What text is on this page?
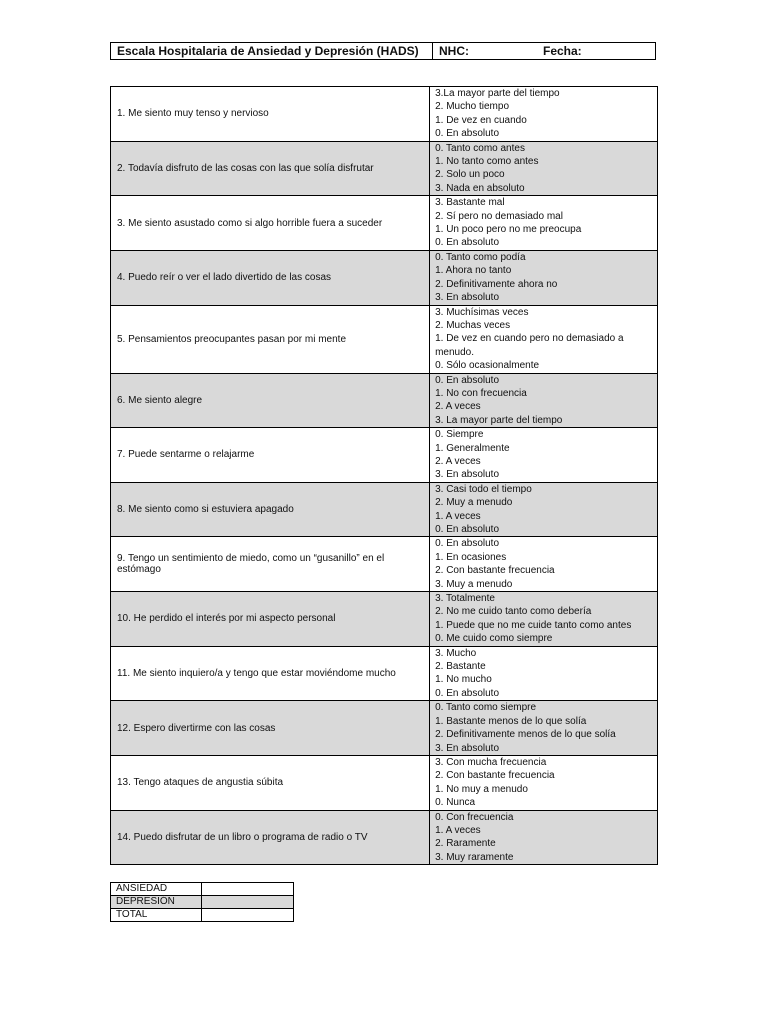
Escala Hospitalaria de Ansiedad y Depresión (HADS)	NHC:	Fecha:
1. Me siento muy tenso y nervioso	3.La mayor parte del tiempo
2. Mucho tiempo
1. De vez en cuando
0. En absoluto

2. Todavía disfruto de las cosas con las que solía disfrutar	0. Tanto como antes
1. No tanto como antes
2. Solo un poco
3. Nada en absoluto

3. Me siento asustado como si algo horrible fuera a suceder	3. Bastante mal
2. Sí pero no demasiado mal
1. Un poco pero no me preocupa
0. En absoluto

4. Puedo reír o ver el lado divertido de las cosas	0. Tanto como podía
1. Ahora no tanto
2. Definitivamente ahora no
3. En absoluto

5. Pensamientos preocupantes pasan por mi mente	3. Muchísimas veces
2. Muchas veces
1. De vez en cuando pero no demasiado a menudo.
0. Sólo ocasionalmente

6. Me siento alegre	0. En absoluto
1. No con frecuencia
2. A veces
3. La mayor parte del tiempo

7. Puede sentarme o relajarme	0. Siempre
1. Generalmente
2. A veces
3. En absoluto

8. Me siento como si estuviera apagado	3. Casi todo el tiempo
2. Muy a menudo
1. A veces
0. En absoluto

9. Tengo un sentimiento de miedo, como un “gusanillo” en el estómago	0. En absoluto
1. En ocasiones
2. Con bastante frecuencia
3. Muy a menudo

10. He perdido el interés por mi aspecto personal	3. Totalmente
2. No me cuido tanto como debería
1. Puede que no me cuide tanto como antes
0. Me cuido como siempre

11. Me siento inquiero/a y tengo que estar moviéndome mucho	3. Mucho
2. Bastante
1. No mucho
0. En absoluto

12. Espero divertirme con las cosas	0. Tanto como siempre
1. Bastante menos de lo que solía
2. Definitivamente menos de lo que solía
3. En absoluto

13. Tengo ataques de angustia súbita	3. Con mucha frecuencia
2. Con bastante frecuencia
1. No muy a menudo
0. Nunca

14. Puedo disfrutar de un libro o programa de radio o TV	0. Con frecuencia
1. A veces
2. Raramente
3. Muy raramente
ANSIEDAD	
DEPRESIÓN	
TOTAL	
